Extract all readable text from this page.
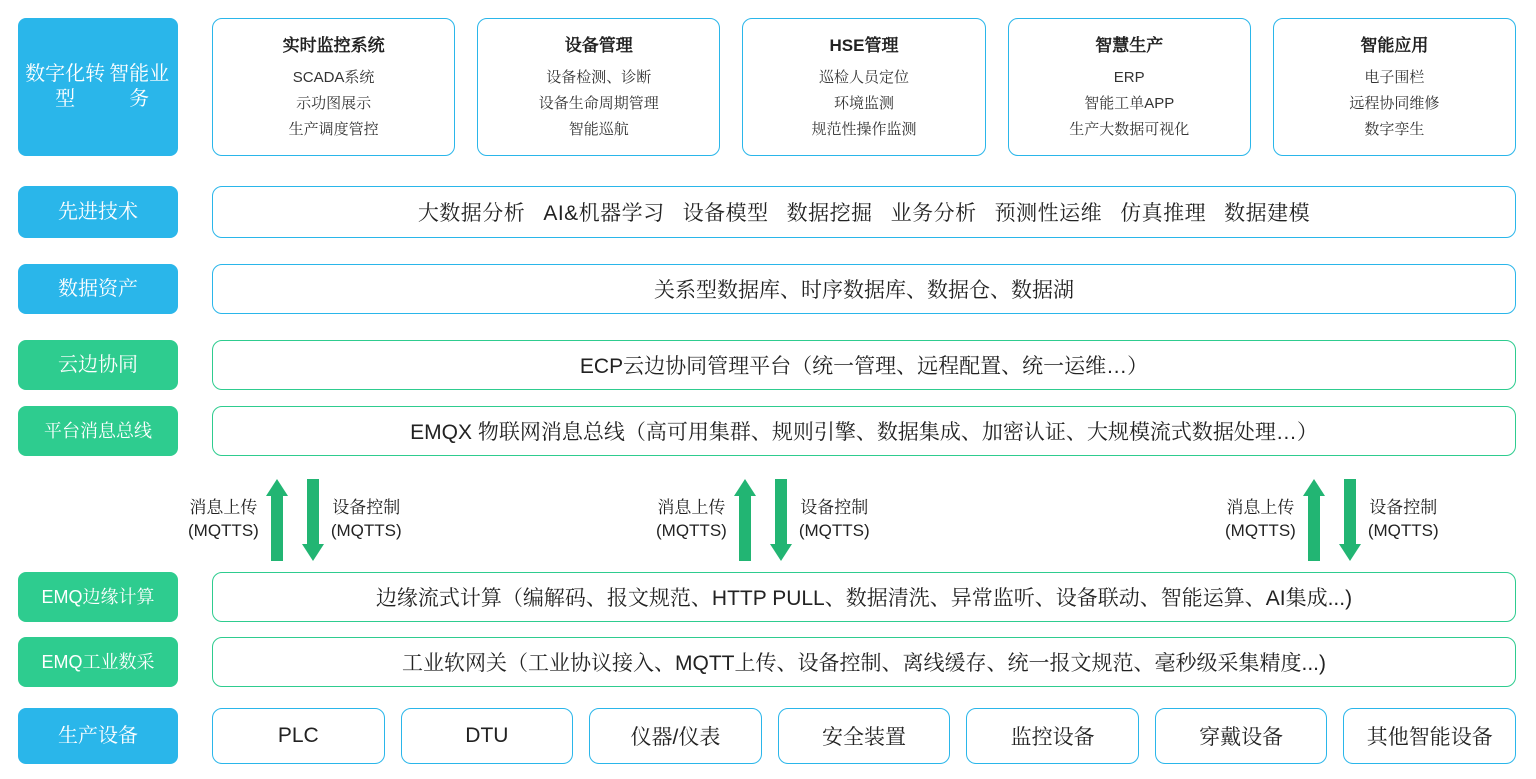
数字化转型

智能业务
实时监控系统
SCADA系统
示功图展示
生产调度管控
设备管理
设备检测、诊断
设备生命周期管理
智能巡航
HSE管理
巡检人员定位
环境监测
规范性操作监测
智慧生产
ERP
智能工单APP
生产大数据可视化
智能应用
电子围栏
远程协同维修
数字孪生
先进技术	大数据分析 AI&机器学习 设备模型 数据挖掘 业务分析 预测性运维 仿真推理 数据建模
数据资产	关系型数据库、时序数据库、数据仓、数据湖
云边协同	ECP云边协同管理平台（统一管理、远程配置、统一运维…）
平台消息总线	EMQX 物联网消息总线（高可用集群、规则引擎、数据集成、加密认证、大规模流式数据处理…）
消息上传
(MQTTS)
设备控制
(MQTTS)
消息上传
(MQTTS)
设备控制
(MQTTS)
消息上传
(MQTTS)
设备控制
(MQTTS)
EMQ边缘计算	边缘流式计算（编解码、报文规范、HTTP PULL、数据清洗、异常监听、设备联动、智能运算、AI集成...)
EMQ工业数采	工业软网关（工业协议接入、MQTT上传、设备控制、离线缓存、统一报文规范、毫秒级采集精度...)
生产设备	PLC	DTU	仪器/仪表	安全装置	监控设备	穿戴设备	其他智能设备
